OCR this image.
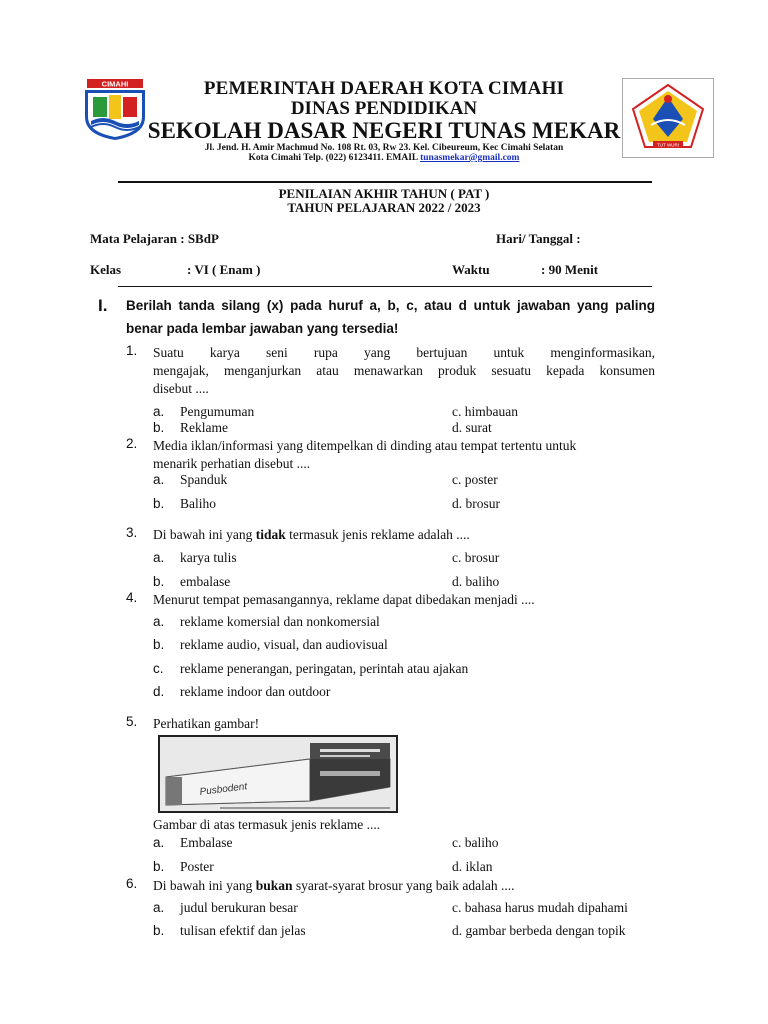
CIMAHI	PEMERINTAH DAERAH KOTA CIMAHI
DINAS PENDIDIKAN
SEKOLAH DASAR NEGERI TUNAS MEKAR
Jl. Jend. H. Amir Machmud No. 108 Rt. 03, Rw 23. Kel. Cibeureum, Kec Cimahi Selatan
Kota Cimahi Telp. (022) 6123411. EMAIL tunasmekar@gmail.com
TUT WURI
PENILAIAN AKHIR TAHUN ( PAT )
TAHUN PELAJARAN 2022 / 2023
Mata Pelajaran : SBdP	Hari/ Tanggal :
Kelas	: VI ( Enam )	Waktu	: 90 Menit
I. Berilah tanda silang (x) pada huruf a, b, c, atau d untuk jawaban yang paling
benar pada lembar jawaban yang tersedia!
1. Suatu karya seni rupa yang bertujuan untuk menginformasikan,
mengajak, menganjurkan atau menawarkan produk sesuatu kepada konsumen
disebut ....
a. Pengumuman	c. himbauan
b. Reklame	d. surat
2. Media iklan/informasi yang ditempelkan di dinding atau tempat tertentu untuk
menarik perhatian disebut ....
a. Spanduk	c. poster
b. Baliho	d. brosur
3. Di bawah ini yang tidak termasuk jenis reklame adalah ....
a. karya tulis	c. brosur
b. embalase	d. baliho
4. Menurut tempat pemasangannya, reklame dapat dibedakan menjadi ....
a. reklame komersial dan nonkomersial
b. reklame audio, visual, dan audiovisual
c. reklame penerangan, peringatan, perintah atau ajakan
d. reklame indoor dan outdoor
5. Perhatikan gambar!
Pusbodent
Gambar di atas termasuk jenis reklame ....
a. Embalase	c. baliho
b. Poster	d. iklan
6. Di bawah ini yang bukan syarat-syarat brosur yang baik adalah ....
a. judul berukuran besar	c. bahasa harus mudah dipahami
b. tulisan efektif dan jelas	d. gambar berbeda dengan topik
